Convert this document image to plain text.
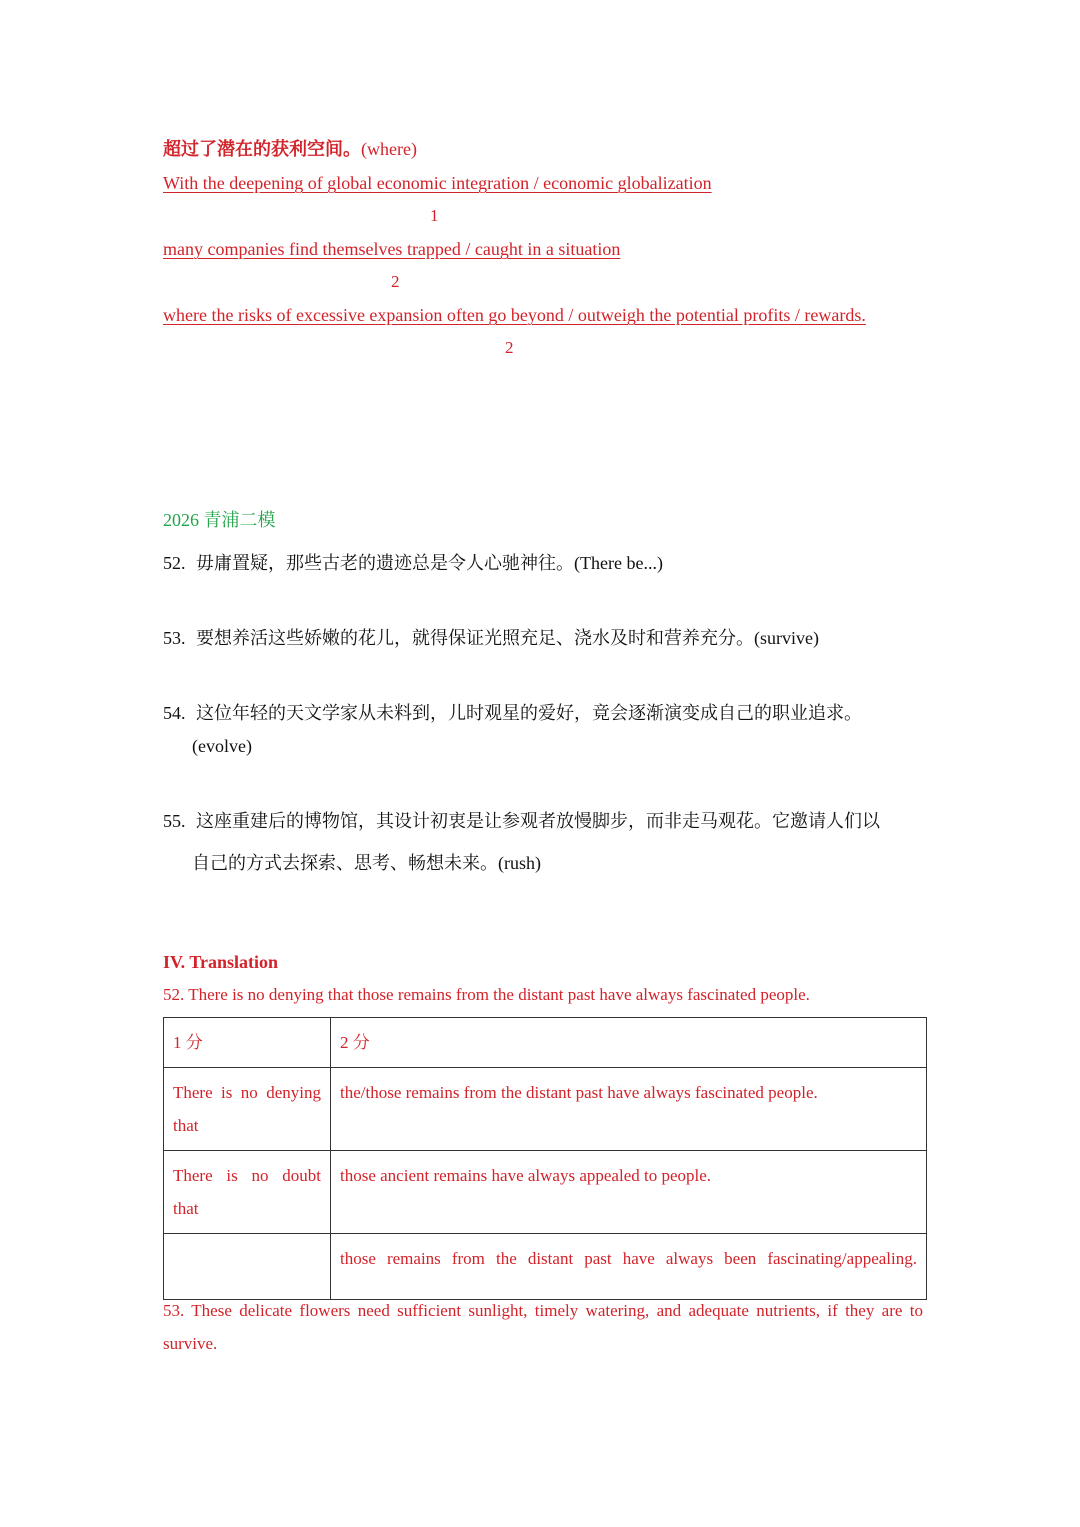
超过了潜在的获利空间。(where)
With the deepening of global economic integration / economic globalization
1
many companies find themselves trapped / caught in a situation
2
where the risks of excessive expansion often go beyond / outweigh the potential profits / rewards.
2
2026 青浦二模
52. 毋庸置疑，那些古老的遗迹总是令人心驰神往。(There be...)
53. 要想养活这些娇嫩的花儿，就得保证光照充足、浇水及时和营养充分。(survive)
54. 这位年轻的天文学家从未料到，儿时观星的爱好，竟会逐渐演变成自己的职业追求。
(evolve)
55. 这座重建后的博物馆，其设计初衷是让参观者放慢脚步，而非走马观花。它邀请人们以
自己的方式去探索、思考、畅想未来。(rush)
IV. Translation
52. There is no denying that those remains from the distant past have always fascinated people.
1 分	2 分

There is no denying that	the/those remains from the distant past have always fascinated people.

There is no doubt that	those ancient remains have always appealed to people.

	those remains from the distant past have always been fascinating/appealing.
53. These delicate flowers need sufficient sunlight, timely watering, and adequate nutrients, if they are to survive.
